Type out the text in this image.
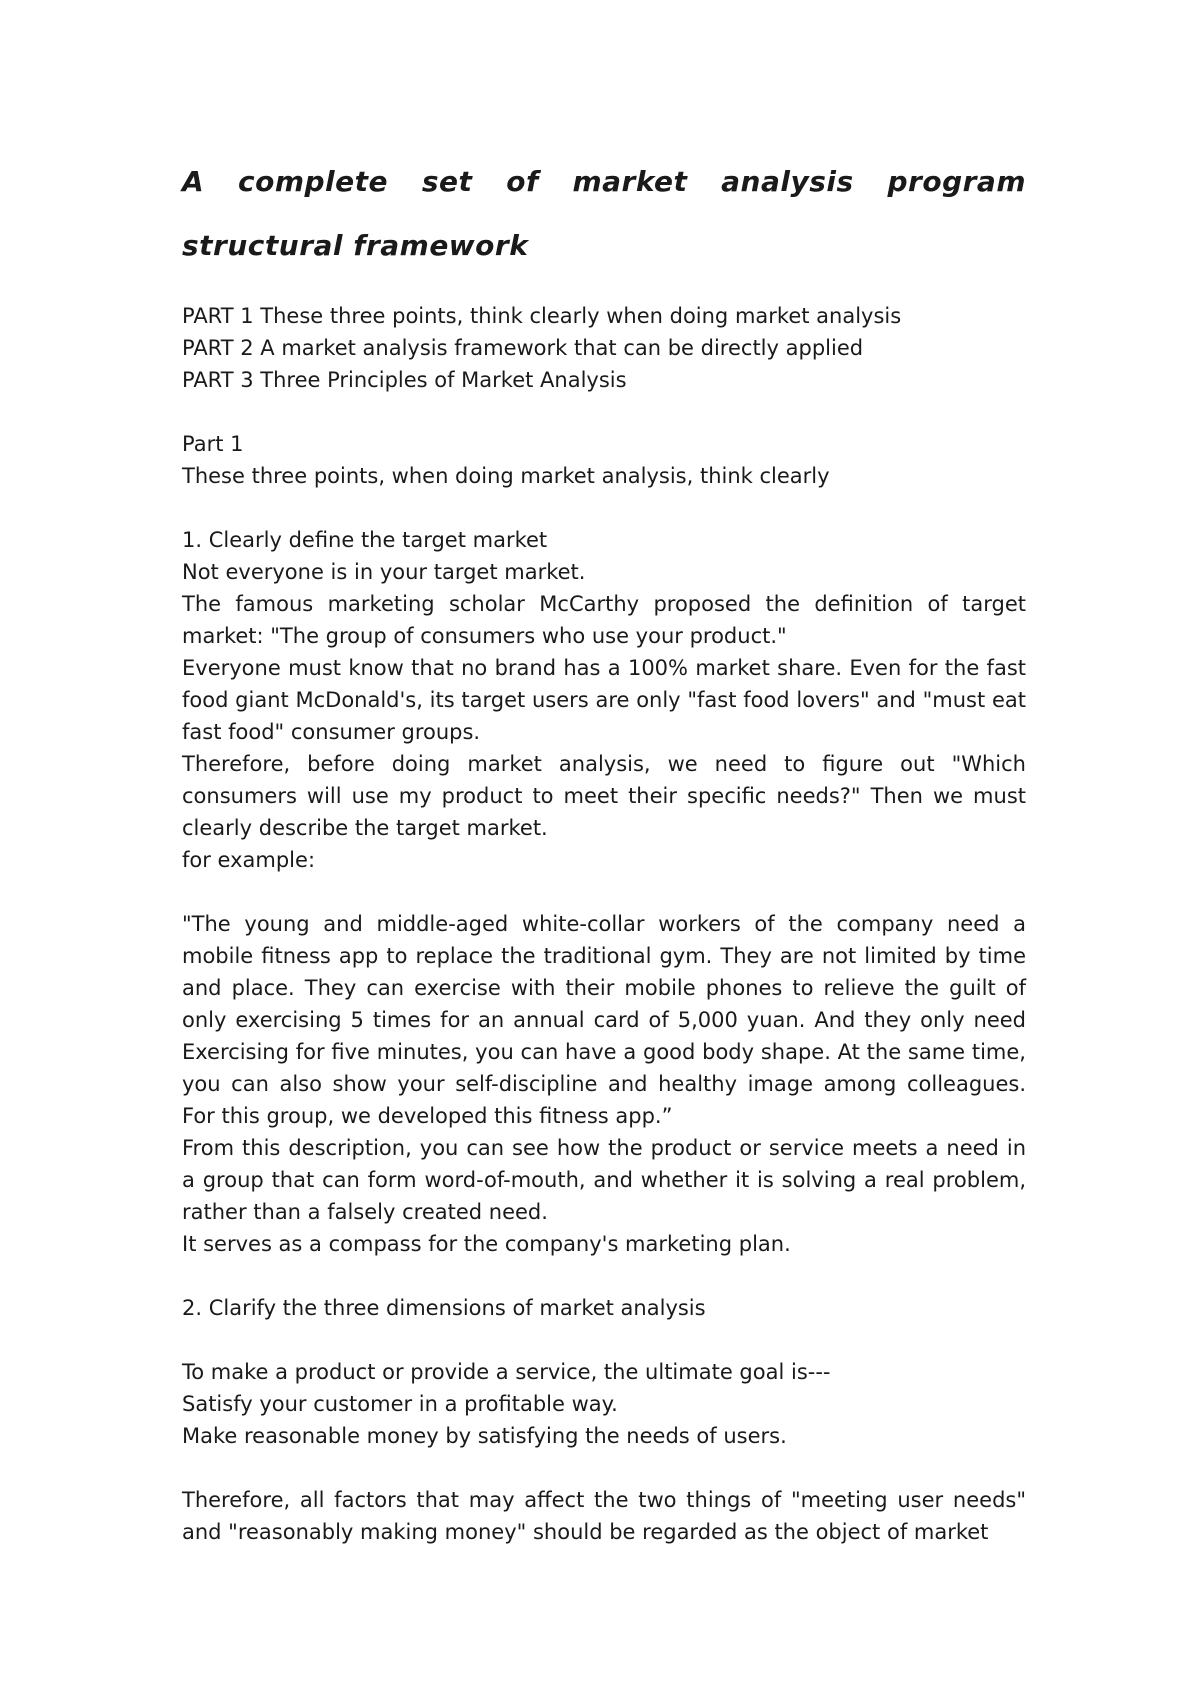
A complete set of market analysis program
structural framework

PART 1 These three points, think clearly when doing market analysis

PART 2 A market analysis framework that can be directly applied

PART 3 Three Principles of Market Analysis

Part 1

These three points, when doing market analysis, think clearly

1. Clearly define the target market

Not everyone is in your target market.

The famous marketing scholar McCarthy proposed the definition of target market: "The group of consumers who use your product."

Everyone must know that no brand has a 100% market share. Even for the fast food giant McDonald's, its target users are only "fast food lovers" and "must eat fast food" consumer groups.

Therefore, before doing market analysis, we need to figure out "Which consumers will use my product to meet their specific needs?" Then we must clearly describe the target market.

for example:

"The young and middle-aged white-collar workers of the company need a mobile fitness app to replace the traditional gym. They are not limited by time and place. They can exercise with their mobile phones to relieve the guilt of only exercising 5 times for an annual card of 5,000 yuan. And they only need Exercising for five minutes, you can have a good body shape. At the same time, you can also show your self-discipline and healthy image among colleagues. For this group, we developed this fitness app.”

From this description, you can see how the product or service meets a need in a group that can form word-of-mouth, and whether it is solving a real problem, rather than a falsely created need.

It serves as a compass for the company's marketing plan.

2. Clarify the three dimensions of market analysis

To make a product or provide a service, the ultimate goal is---

Satisfy your customer in a profitable way.

Make reasonable money by satisfying the needs of users.

Therefore, all factors that may affect the two things of "meeting user needs" and "reasonably making money" should be regarded as the object of market
